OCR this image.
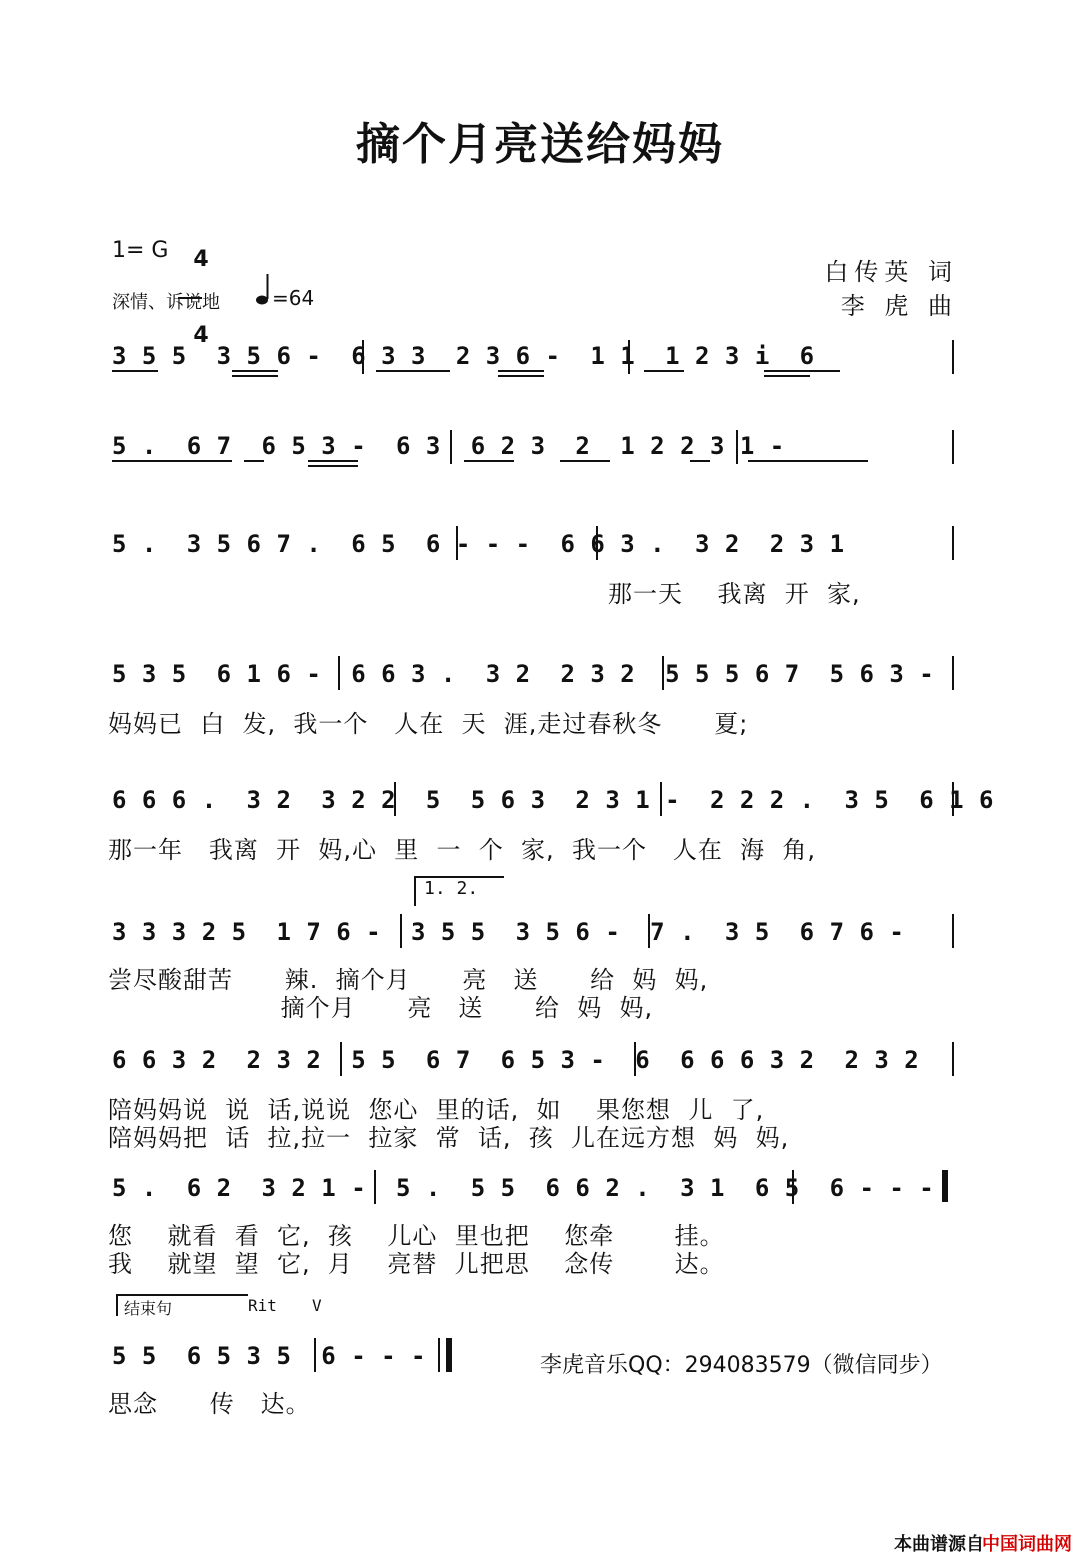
摘个月亮送给妈妈
1= G	4

4

深情、诉说地	=64
白传英 词
李 虎 曲
3 5 5  3 5 6 -  6 3 3  2 3 6 -  1 1  1 2 3 i  6
5 .  6 7  6 5 3 -  6 3  6 2 3  2  1 2 2 3 1 -
5 .  3 5 6 7 .  6 5  6 - - -  6 6 3 .  3 2  2 3 1
那一天    我离  开  家,
5 3 5  6 1 6 -  6 6 3 .  3 2  2 3 2  5 5 5 6 7  5 6 3 -
妈妈已  白  发,  我一个   人在  天  涯,走过春秋冬      夏;
6 6 6 .  3 2  3 2 2  5  5 6 3  2 3 1 -  2 2 2 .  3 5  6 1 6
那一年   我离  开  妈,心  里  一  个  家,  我一个   人在  海  角,
1. 2.
3 3 3 2 5  1 7 6 -  3 5 5  3 5 6 -  7 .  3 5  6 7 6 -
尝尽酸甜苦      辣.  摘个月      亮   送      给  妈  妈,
摘个月      亮   送      给  妈  妈,
6 6 3 2  2 3 2  5 5  6 7  6 5 3 -  6  6 6 6 3 2  2 3 2
陪妈妈说  说  话,说说  您心  里的话,  如    果您想  儿  了,
陪妈妈把  话  拉,拉一  拉家  常  话,  孩  儿在远方想  妈  妈,
5 .  6 2  3 2 1 -  5 .  5 5  6 6 2 .  3 1  6 5  6 - - -
您    就看  看  它,  孩    儿心  里也把    您牵       挂。
我    就望  望  它,  月    亮替  儿把思    念传       达。
结束句	Rit V
5 5  6 5 3 5  6 - - -
思念      传   达。
李虎音乐QQ：294083579（微信同步）
本曲谱源自
中国词曲网
